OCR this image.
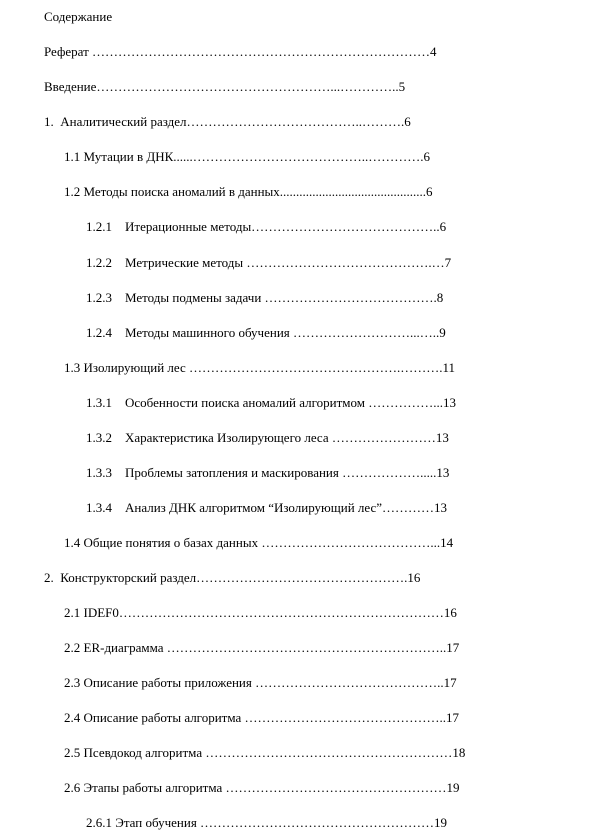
Содержание
Реферат ……………………………………………………………………4
Введение………………………………………………...…………..5
1.  Аналитический раздел…………………………………..……….6
1.1 Мутации в ДНК......…………………………………..………….6
1.2 Методы поиска аномалий в данных.............................................6
1.2.1    Итерационные методы……………………………………..6
1.2.2    Метрические методы …………………………………….…7
1.2.3    Методы подмены задачи ………………………………….8
1.2.4    Методы машинного обучения ………………………...…..9
1.3 Изолирующий лес ………………………………………….……….11
1.3.1    Особенности поиска аномалий алгоритмом ……………...13
1.3.2    Характеристика Изолирующего леса ……………………13
1.3.3    Проблемы затопления и маскирования ……………….....13
1.3.4    Анализ ДНК алгоритмом “Изолирующий лес”…………13
1.4 Общие понятия о базах данных …………………………………...14
2.  Конструкторский раздел………………………………………….16
2.1 IDEF0…………………………………………………………………16
2.2 ER-диаграмма ………………………………………………………..17
2.3 Описание работы приложения ……………………………………..17
2.4 Описание работы алгоритма ………………………………………..17
2.5 Псевдокод алгоритма …………………………………………………18
2.6 Этапы работы алгоритма ……………………………………………19
2.6.1 Этап обучения ………………………………………………19
